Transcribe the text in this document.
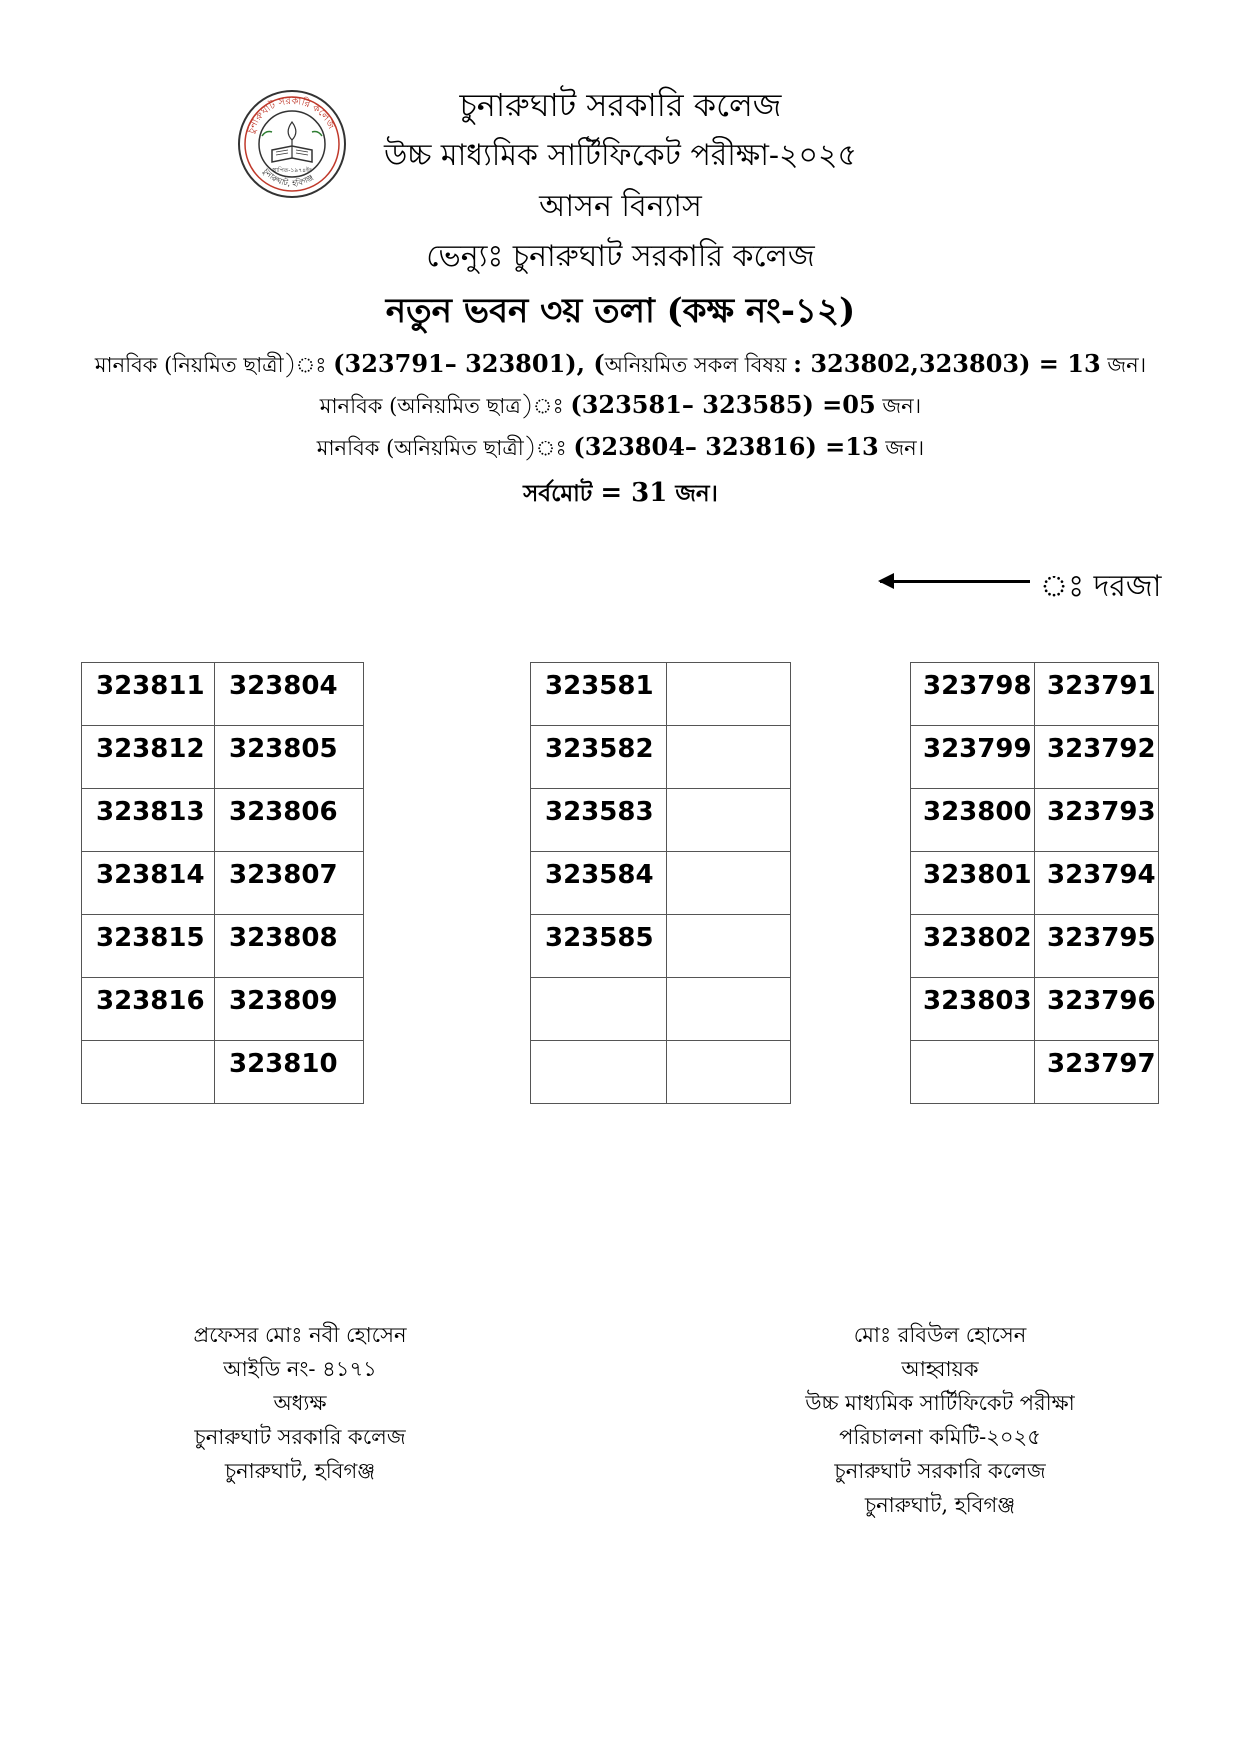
চুনারুঘাট সরকারি কলেজ
চুনারুঘাট, হবিগঞ্জ
স্থাপিত-১৯৭৪ইং
চুনারুঘাট সরকারি কলেজ
উচ্চ মাধ্যমিক সার্টিফিকেট পরীক্ষা-২০২৫
আসন বিন্যাস
ভেন্যুঃ চুনারুঘাট সরকারি কলেজ
নতুন ভবন ৩য় তলা (কক্ষ নং-১২)
মানবিক (নিয়মিত ছাত্রী)ঃ (323791– 323801), (অনিয়মিত সকল বিষয় : 323802,323803) = 13 জন।
মানবিক (অনিয়মিত ছাত্র)ঃ (323581– 323585) =05 জন।
মানবিক (অনিয়মিত ছাত্রী)ঃ (323804– 323816) =13 জন।
সর্বমোট = 31 জন।
ঃ দরজা
323811	323804
323812	323805
323813	323806
323814	323807
323815	323808
323816	323809
	323810
323581	
323582	
323583	
323584	
323585	

323798	323791
323799	323792
323800	323793
323801	323794
323802	323795
323803	323796
	323797
প্রফেসর মোঃ নবী হোসেন
আইডি নং- ৪১৭১
অধ্যক্ষ
চুনারুঘাট সরকারি কলেজ
চুনারুঘাট, হবিগঞ্জ
মোঃ রবিউল হোসেন
আহ্বায়ক
উচ্চ মাধ্যমিক সার্টিফিকেট পরীক্ষা
পরিচালনা কমিটি-২০২৫
চুনারুঘাট সরকারি কলেজ
চুনারুঘাট, হবিগঞ্জ
